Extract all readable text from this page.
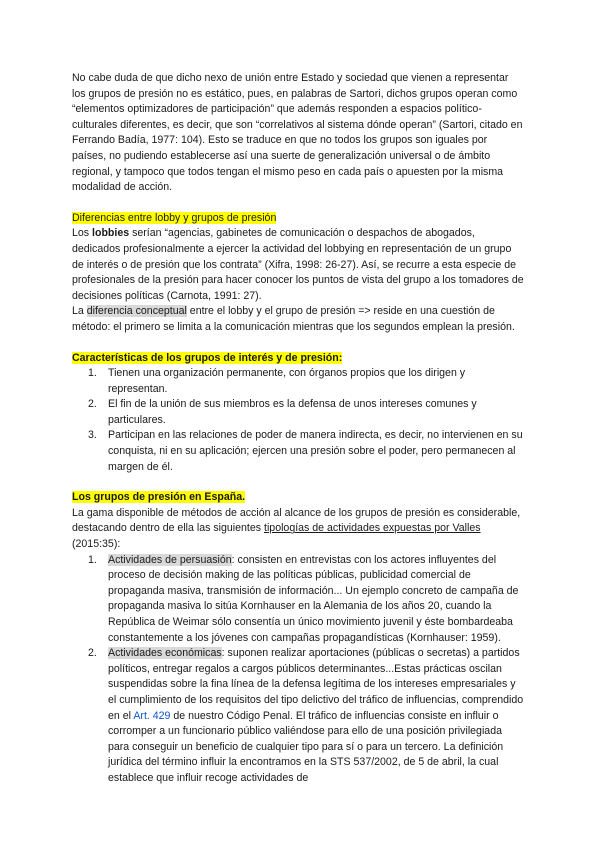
No cabe duda de que dicho nexo de unión entre Estado y sociedad que vienen a representar los grupos de presión no es estático, pues, en palabras de Sartori, dichos grupos operan como “elementos optimizadores de participación” que además responden a espacios político-culturales diferentes, es decir, que son “correlativos al sistema dónde operan” (Sartori, citado en Ferrando Badía, 1977: 104). Esto se traduce en que no todos los grupos son iguales por países, no pudiendo establecerse así una suerte de generalización universal o de ámbito regional, y tampoco que todos tengan el mismo peso en cada país o apuesten por la misma modalidad de acción.

Diferencias entre lobby y grupos de presión

Los lobbies serían “agencias, gabinetes de comunicación o despachos de abogados, dedicados profesionalmente a ejercer la actividad del lobbying en representación de un grupo de interés o de presión que los contrata” (Xifra, 1998: 26-27). Así, se recurre a esta especie de profesionales de la presión para hacer conocer los puntos de vista del grupo a los tomadores de decisiones políticas (Carnota, 1991: 27).

La diferencia conceptual entre el lobby y el grupo de presión => reside en una cuestión de método: el primero se limita a la comunicación mientras que los segundos emplean la presión.

Características de los grupos de interés y de presión:

1. Tienen una organización permanente, con órganos propios que los dirigen y representan.
2. El fin de la unión de sus miembros es la defensa de unos intereses comunes y particulares.
3. Participan en las relaciones de poder de manera indirecta, es decir, no intervienen en su conquista, ni en su aplicación; ejercen una presión sobre el poder, pero permanecen al margen de él.

Los grupos de presión en España.

La gama disponible de métodos de acción al alcance de los grupos de presión es considerable, destacando dentro de ella las siguientes tipologías de actividades expuestas por Valles (2015:35):

1. Actividades de persuasión: consisten en entrevistas con los actores influyentes del proceso de decisión making de las políticas públicas, publicidad comercial de propaganda masiva, transmisión de información... Un ejemplo concreto de campaña de propaganda masiva lo sitúa Kornhauser en la Alemania de los años 20, cuando la República de Weimar sólo consentía un único movimiento juvenil y éste bombardeaba constantemente a los jóvenes con campañas propagandísticas (Kornhauser: 1959).
2. Actividades económicas: suponen realizar aportaciones (públicas o secretas) a partidos políticos, entregar regalos a cargos públicos determinantes...Estas prácticas oscilan suspendidas sobre la fina línea de la defensa legítima de los intereses empresariales y el cumplimiento de los requisitos del tipo delictivo del tráfico de influencias, comprendido en el Art. 429 de nuestro Código Penal. El tráfico de influencias consiste en influir o corromper a un funcionario público valiéndose para ello de una posición privilegiada para conseguir un beneficio de cualquier tipo para sí o para un tercero. La definición jurídica del término influir la encontramos en la STS 537/2002, de 5 de abril, la cual establece que influir recoge actividades de
